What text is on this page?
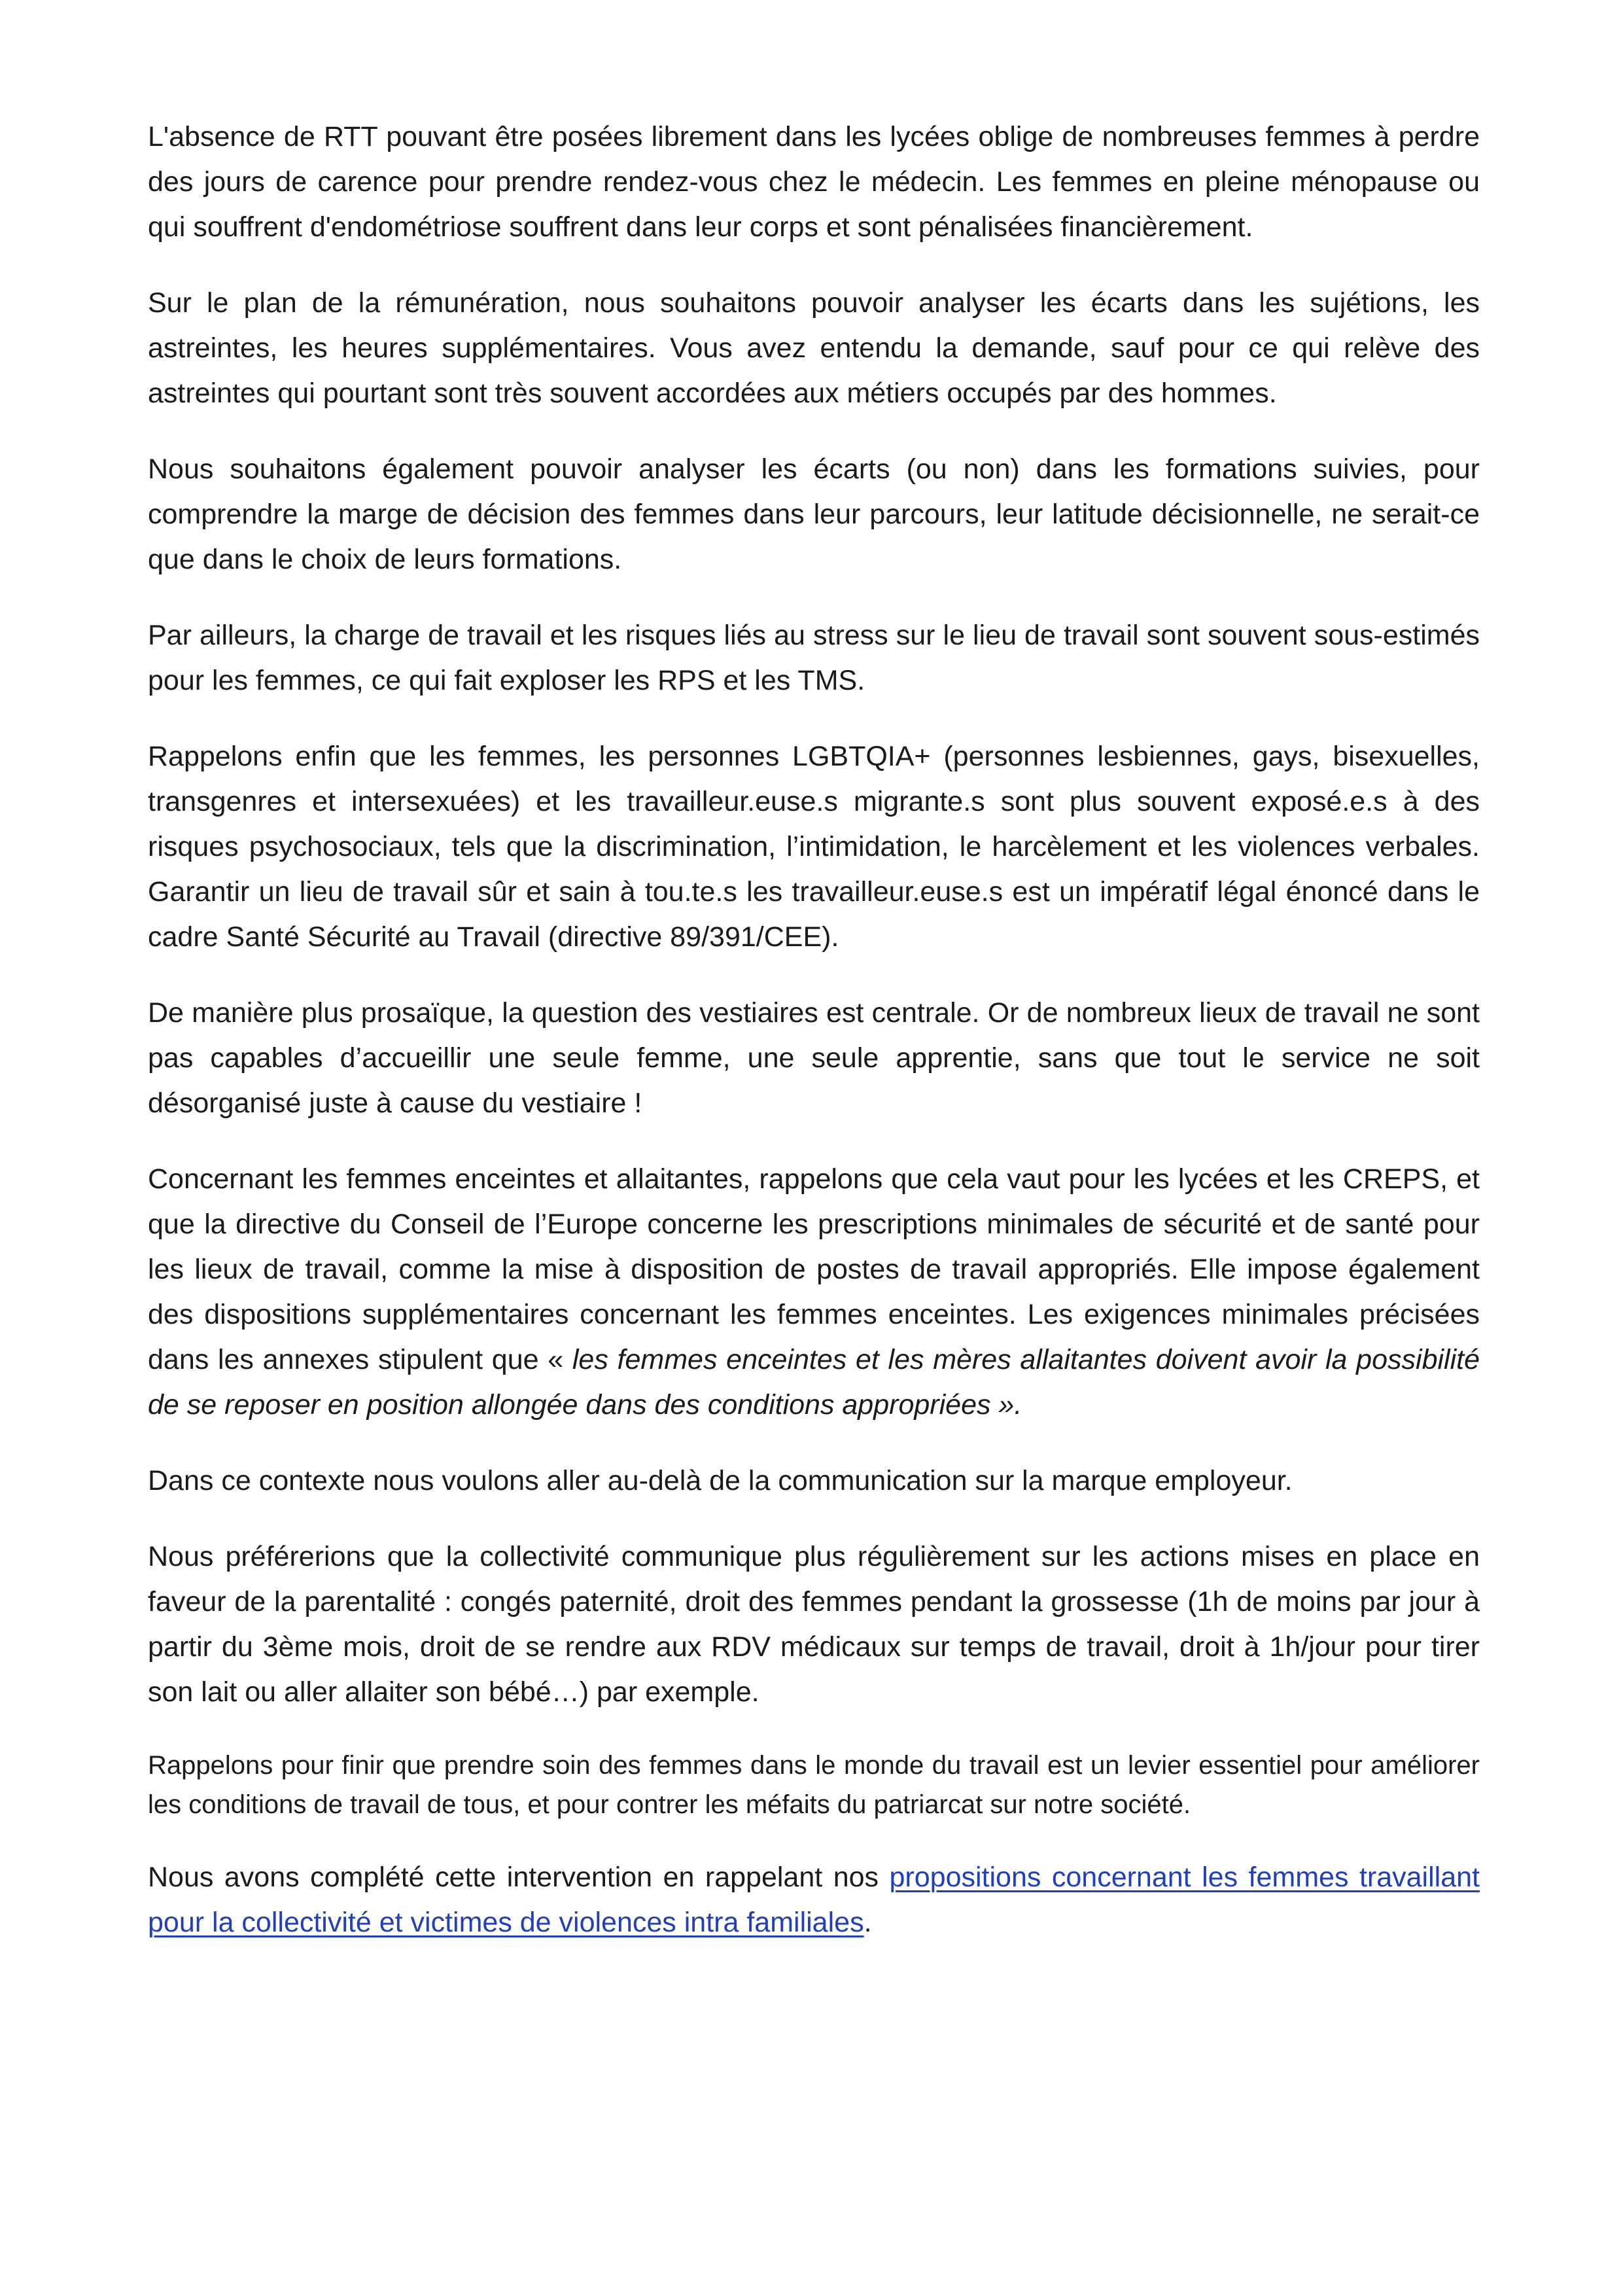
L'absence de RTT pouvant être posées librement dans les lycées oblige de nombreuses femmes à perdre des jours de carence pour prendre rendez-vous chez le médecin. Les femmes en pleine ménopause ou qui souffrent d'endométriose souffrent dans leur corps et sont pénalisées financièrement.

Sur le plan de la rémunération, nous souhaitons pouvoir analyser les écarts dans les sujétions, les astreintes, les heures supplémentaires. Vous avez entendu la demande, sauf pour ce qui relève des astreintes qui pourtant sont très souvent accordées aux métiers occupés par des hommes.

Nous souhaitons également pouvoir analyser les écarts (ou non) dans les formations suivies, pour comprendre la marge de décision des femmes dans leur parcours, leur latitude décisionnelle, ne serait-ce que dans le choix de leurs formations.

Par ailleurs, la charge de travail et les risques liés au stress sur le lieu de travail sont souvent sous-estimés pour les femmes, ce qui fait exploser les RPS et les TMS.

Rappelons enfin que les femmes, les personnes LGBTQIA+ (personnes lesbiennes, gays, bisexuelles, transgenres et intersexuées) et les travailleur.euse.s migrante.s sont plus souvent exposé.e.s à des risques psychosociaux, tels que la discrimination, l’intimidation, le harcèlement et les violences verbales. Garantir un lieu de travail sûr et sain à tou.te.s les travailleur.euse.s est un impératif légal énoncé dans le cadre Santé Sécurité au Travail (directive 89/391/CEE).

De manière plus prosaïque, la question des vestiaires est centrale. Or de nombreux lieux de travail ne sont pas capables d’accueillir une seule femme, une seule apprentie, sans que tout le service ne soit désorganisé juste à cause du vestiaire !

Concernant les femmes enceintes et allaitantes, rappelons que cela vaut pour les lycées et les CREPS, et que la directive du Conseil de l’Europe concerne les prescriptions minimales de sécurité et de santé pour les lieux de travail, comme la mise à disposition de postes de travail appropriés. Elle impose également des dispositions supplémentaires concernant les femmes enceintes. Les exigences minimales précisées dans les annexes stipulent que « les femmes enceintes et les mères allaitantes doivent avoir la possibilité de se reposer en position allongée dans des conditions appropriées ».

Dans ce contexte nous voulons aller au-delà de la communication sur la marque employeur.

Nous préférerions que la collectivité communique plus régulièrement sur les actions mises en place en faveur de la parentalité : congés paternité, droit des femmes pendant la grossesse (1h de moins par jour à partir du 3ème mois, droit de se rendre aux RDV médicaux sur temps de travail, droit à 1h/jour pour tirer son lait ou aller allaiter son bébé…) par exemple.

Rappelons pour finir que prendre soin des femmes dans le monde du travail est un levier essentiel pour améliorer les conditions de travail de tous, et pour contrer les méfaits du patriarcat sur notre société.

Nous avons complété cette intervention en rappelant nos propositions concernant les femmes travaillant pour la collectivité et victimes de violences intra familiales.
